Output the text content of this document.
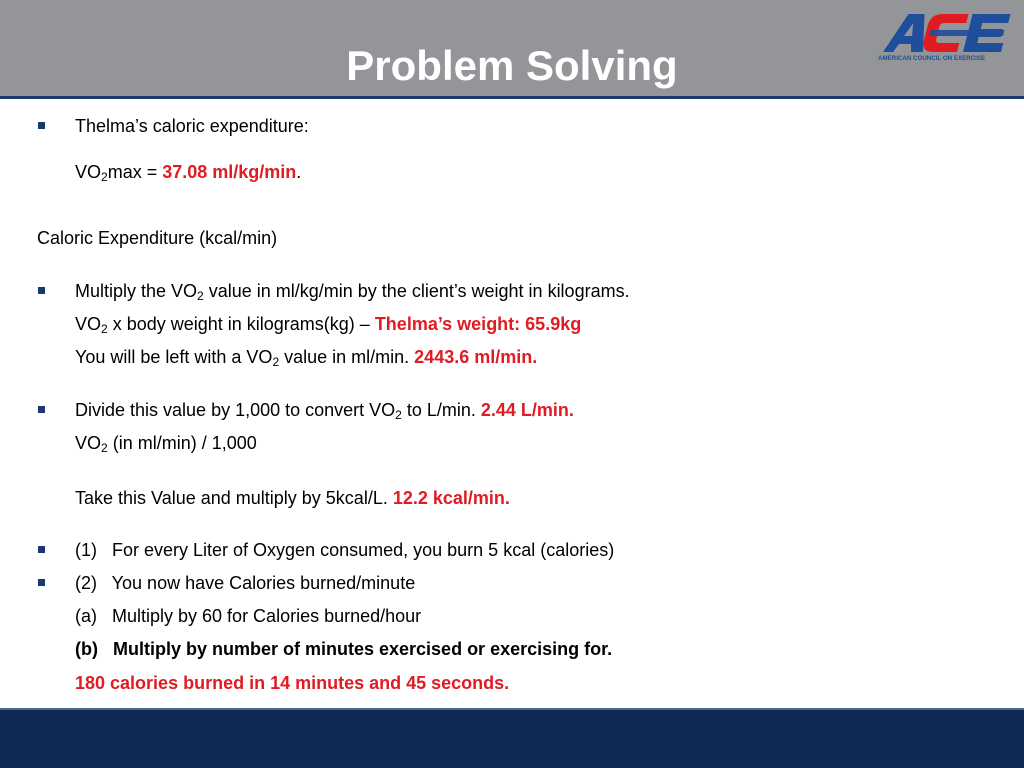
Problem Solving	AMERICAN COUNCIL ON EXERCISE
Thelma’s caloric expenditure:
$VO_2\max = 37.08$ ml/kg/min.
Caloric Expenditure (kcal/min)
Multiply the $VO_2$ value in ml/kg/min by the client’s weight in kilograms.
$VO_2$ x body weight in kilograms(kg) – Thelma’s weight: 65.9kg
You will be left with a $VO_2$ value in ml/min. 2443.6 ml/min.
Divide this value by 1,000 to convert $VO_2$ to L/min. 2.44 L/min.
$VO_2$ (in ml/min) / 1,000
Take this Value and multiply by 5kcal/L. 12.2 kcal/min.
(1)   For every Liter of Oxygen consumed, you burn 5 kcal (calories)
(2)   You now have Calories burned/minute
(a)   Multiply by 60 for Calories burned/hour
(b)   Multiply by number of minutes exercised or exercising for.
180 calories burned in 14 minutes and 45 seconds.
